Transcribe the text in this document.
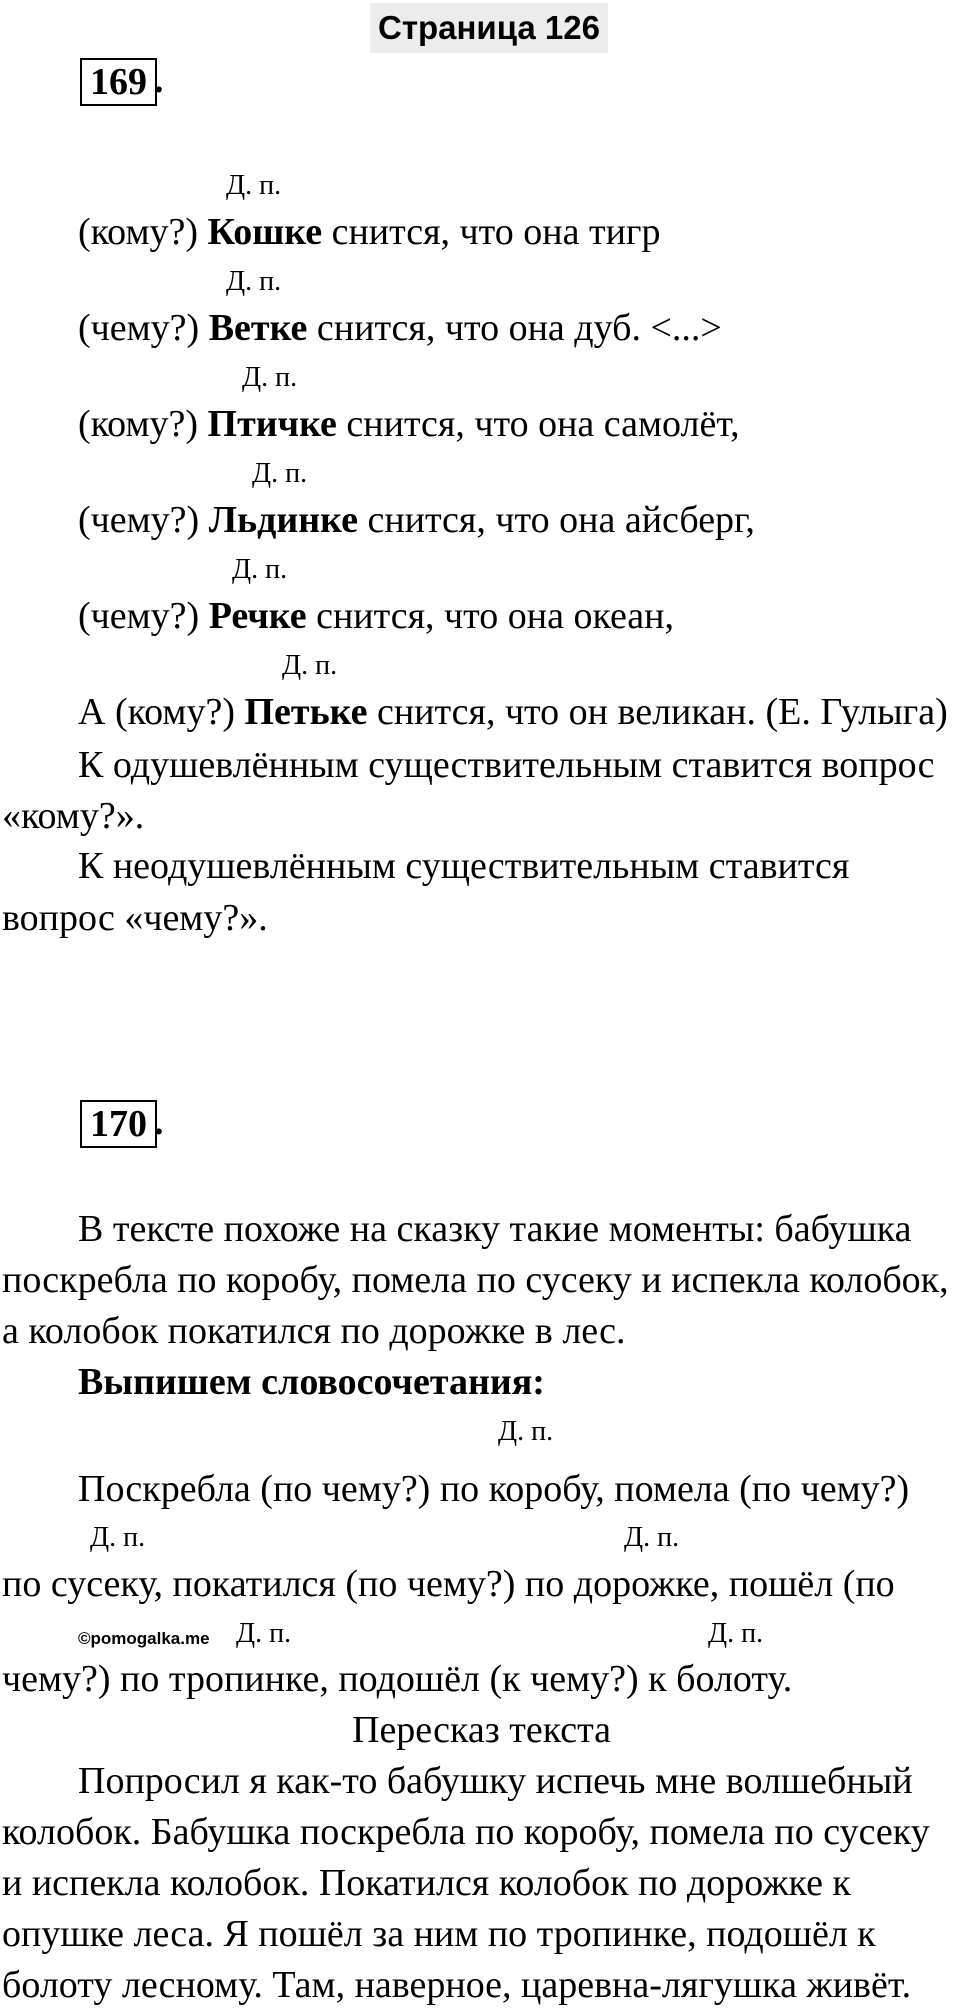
Страница 126
169 .
Д. п.
(кому?) Кошке снится, что она тигр
Д. п.
(чему?) Ветке снится, что она дуб. <...>
Д. п.
(кому?) Птичке снится, что она самолёт,
Д. п.
(чему?) Льдинке снится, что она айсберг,
Д. п.
(чему?) Речке снится, что она океан,
Д. п.
А (кому?) Петьке снится, что он великан. (Е. Гулыга)
К одушевлённым существительным ставится вопрос
«кому?».
К неодушевлённым существительным ставится
вопрос «чему?».
170 .
В тексте похоже на сказку такие моменты: бабушка
поскребла по коробу, помела по сусеку и испекла колобок,
а колобок покатился по дорожке в лес.
Выпишем словосочетания:
Д. п.
Поскребла (по чему?) по коробу, помела (по чему?)
Д. п.	Д. п.
по сусеку, покатился (по чему?) по дорожке, пошёл (по
©pomogalka.me Д. п.	Д. п.
чему?) по тропинке, подошёл (к чему?) к болоту.
Пересказ текста
Попросил я как-то бабушку испечь мне волшебный
колобок. Бабушка поскребла по коробу, помела по сусеку
и испекла колобок. Покатился колобок по дорожке к
опушке леса. Я пошёл за ним по тропинке, подошёл к
болоту лесному. Там, наверное, царевна-лягушка живёт.
